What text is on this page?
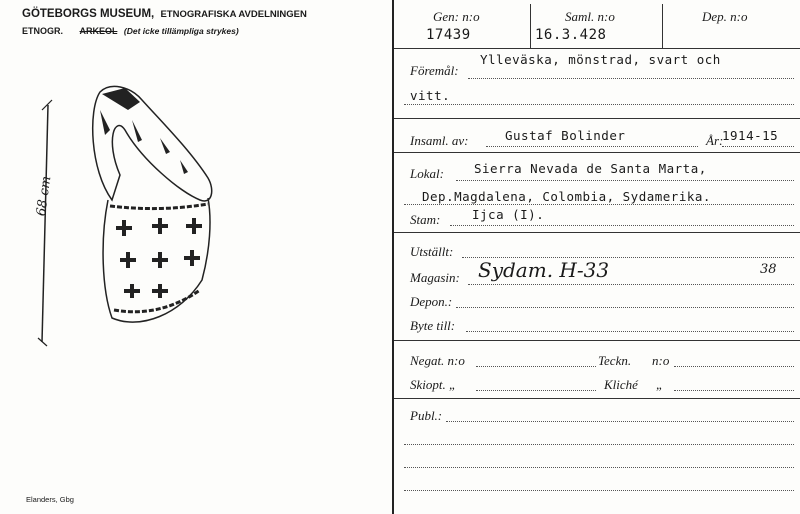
GÖTEBORGS MUSEUM, ETNOGRAFISKA AVDELNINGEN
ETNOGR. ARKEOL (Det icke tillämpliga strykes)
68 cm
Elanders, Gbg
Gen: n:o	Saml. n:o	Dep. n:o
17439	16.3.428
Föremål:
Ylleväska, mönstrad, svart och
vitt.
Insaml. av:	Gustaf Bolinder	År:
1914-15
Lokal: Sierra Nevada de Santa Marta,
Dep.Magdalena, Colombia, Sydamerika.
Stam:	Ijca (I).
Utställt:
Magasin: Sydam. H-33	38
Depon.:
Byte till:
Negat. n:o	Teckn. n:o
Skiopt. „	Kliché „
Publ.:
